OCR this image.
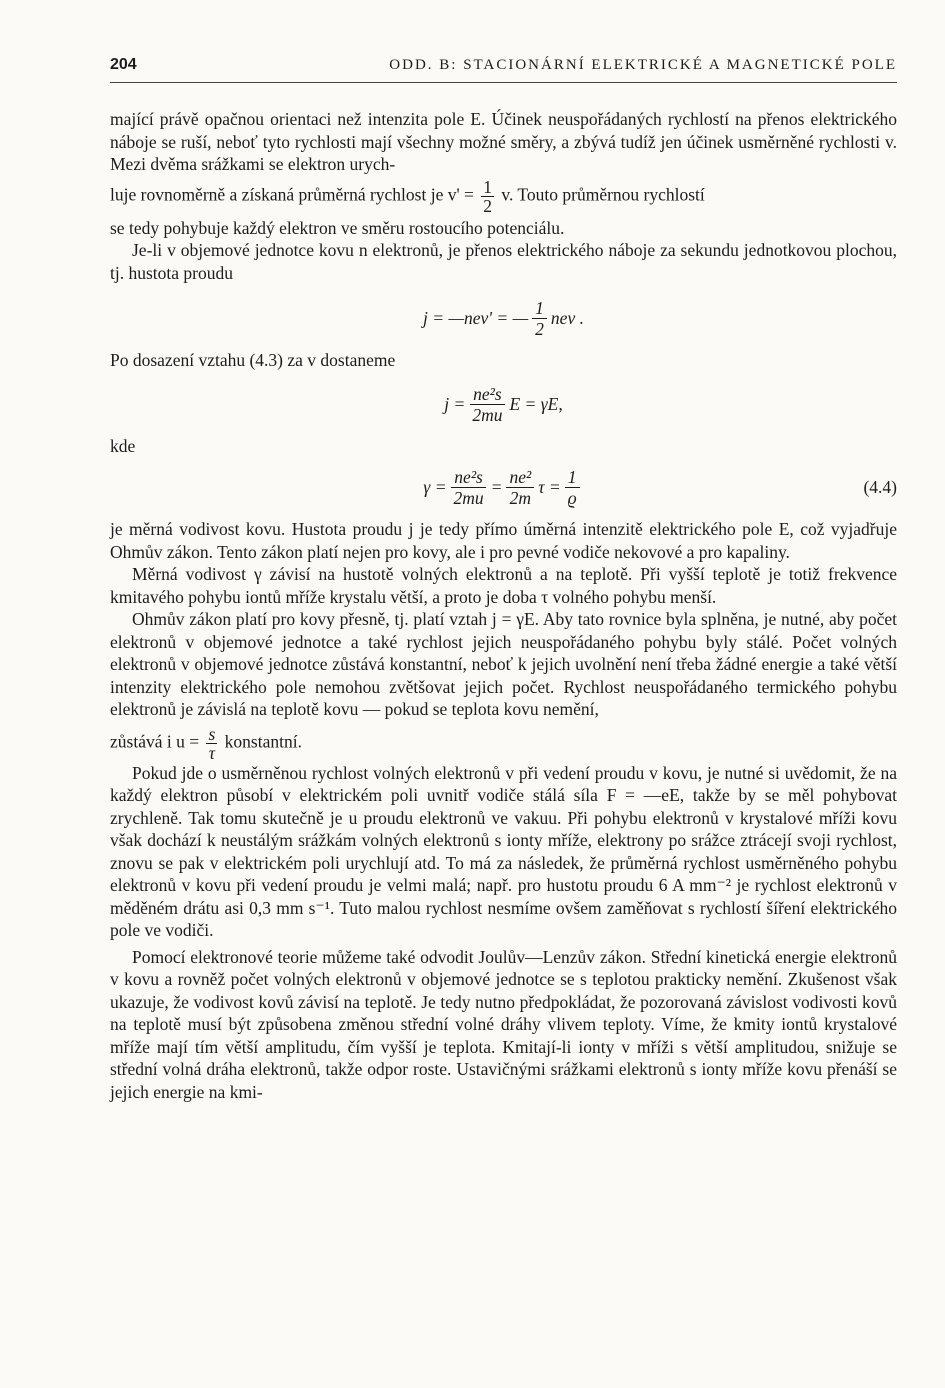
204	ODD. B: STACIONÁRNÍ ELEKTRICKÉ A MAGNETICKÉ POLE

mající právě opačnou orientaci než intenzita pole E. Účinek neuspořádaných rychlostí na přenos elektrického náboje se ruší, neboť tyto rychlosti mají všechny možné směry, a zbývá tudíž jen účinek usměrněné rychlosti v. Mezi dvěma srážkami se elektron urych-

luje rovnoměrně a získaná průměrná rychlost je $v' = \frac{1}{2} v$. Touto průměrnou rychlostí

se tedy pohybuje každý elektron ve směru rostoucího potenciálu.

Je-li v objemové jednotce kovu n elektronů, je přenos elektrického náboje za sekundu jednotkovou plochou, tj. hustota proudu

j = —nev' = — $\frac{1}{2}$ nev .

Po dosazení vztahu (4.3) za v dostaneme

$j = \frac{\text{ne²s}}{2mu}$ E = γE,

kde

$\gamma = \frac{\text{ne²s}}{2mu} = \frac{\text{ne²}}{2m}$ $\tau = \frac{1}{ϱ}$	(4.4)

je měrná vodivost kovu. Hustota proudu j je tedy přímo úměrná intenzitě elektrického pole E, což vyjadřuje Ohmův zákon. Tento zákon platí nejen pro kovy, ale i pro pevné vodiče nekovové a pro kapaliny.

Měrná vodivost γ závisí na hustotě volných elektronů a na teplotě. Při vyšší teplotě je totiž frekvence kmitavého pohybu iontů mříže krystalu větší, a proto je doba τ volného pohybu menší.

Ohmův zákon platí pro kovy přesně, tj. platí vztah j = γE. Aby tato rovnice byla splněna, je nutné, aby počet elektronů v objemové jednotce a také rychlost jejich neuspořádaného pohybu byly stálé. Počet volných elektronů v objemové jednotce zůstává konstantní, neboť k jejich uvolnění není třeba žádné energie a také větší intenzity elektrického pole nemohou zvětšovat jejich počet. Rychlost neuspořádaného termického pohybu elektronů je závislá na teplotě kovu — pokud se teplota kovu nemění,

zůstává i $u = \frac{s}{\tau}$ konstantní.

Pokud jde o usměrněnou rychlost volných elektronů v při vedení proudu v kovu, je nutné si uvědomit, že na každý elektron působí v elektrickém poli uvnitř vodiče stálá síla F = —eE, takže by se měl pohybovat zrychleně. Tak tomu skutečně je u proudu elektronů ve vakuu. Při pohybu elektronů v krystalové mříži kovu však dochází k neustálým srážkám volných elektronů s ionty mříže, elektrony po srážce ztrácejí svoji rychlost, znovu se pak v elektrickém poli urychlují atd. To má za následek, že průměrná rychlost usměrněného pohybu elektronů v kovu při vedení proudu je velmi malá; např. pro hustotu proudu 6 A mm⁻² je rychlost elektronů v měděném drátu asi 0,3 mm s⁻¹. Tuto malou rychlost nesmíme ovšem zaměňovat s rychlostí šíření elektrického pole ve vodiči.

Pomocí elektronové teorie můžeme také odvodit Joulův—Lenzův zákon. Střední kinetická energie elektronů v kovu a rovněž počet volných elektronů v objemové jednotce se s teplotou prakticky nemění. Zkušenost však ukazuje, že vodivost kovů závisí na teplotě. Je tedy nutno předpokládat, že pozorovaná závislost vodivosti kovů na teplotě musí být způsobena změnou střední volné dráhy vlivem teploty. Víme, že kmity iontů krystalové mříže mají tím větší amplitudu, čím vyšší je teplota. Kmitají-li ionty v mříži s větší amplitudou, snižuje se střední volná dráha elektronů, takže odpor roste. Ustavičnými srážkami elektronů s ionty mříže kovu přenáší se jejich energie na kmi-
